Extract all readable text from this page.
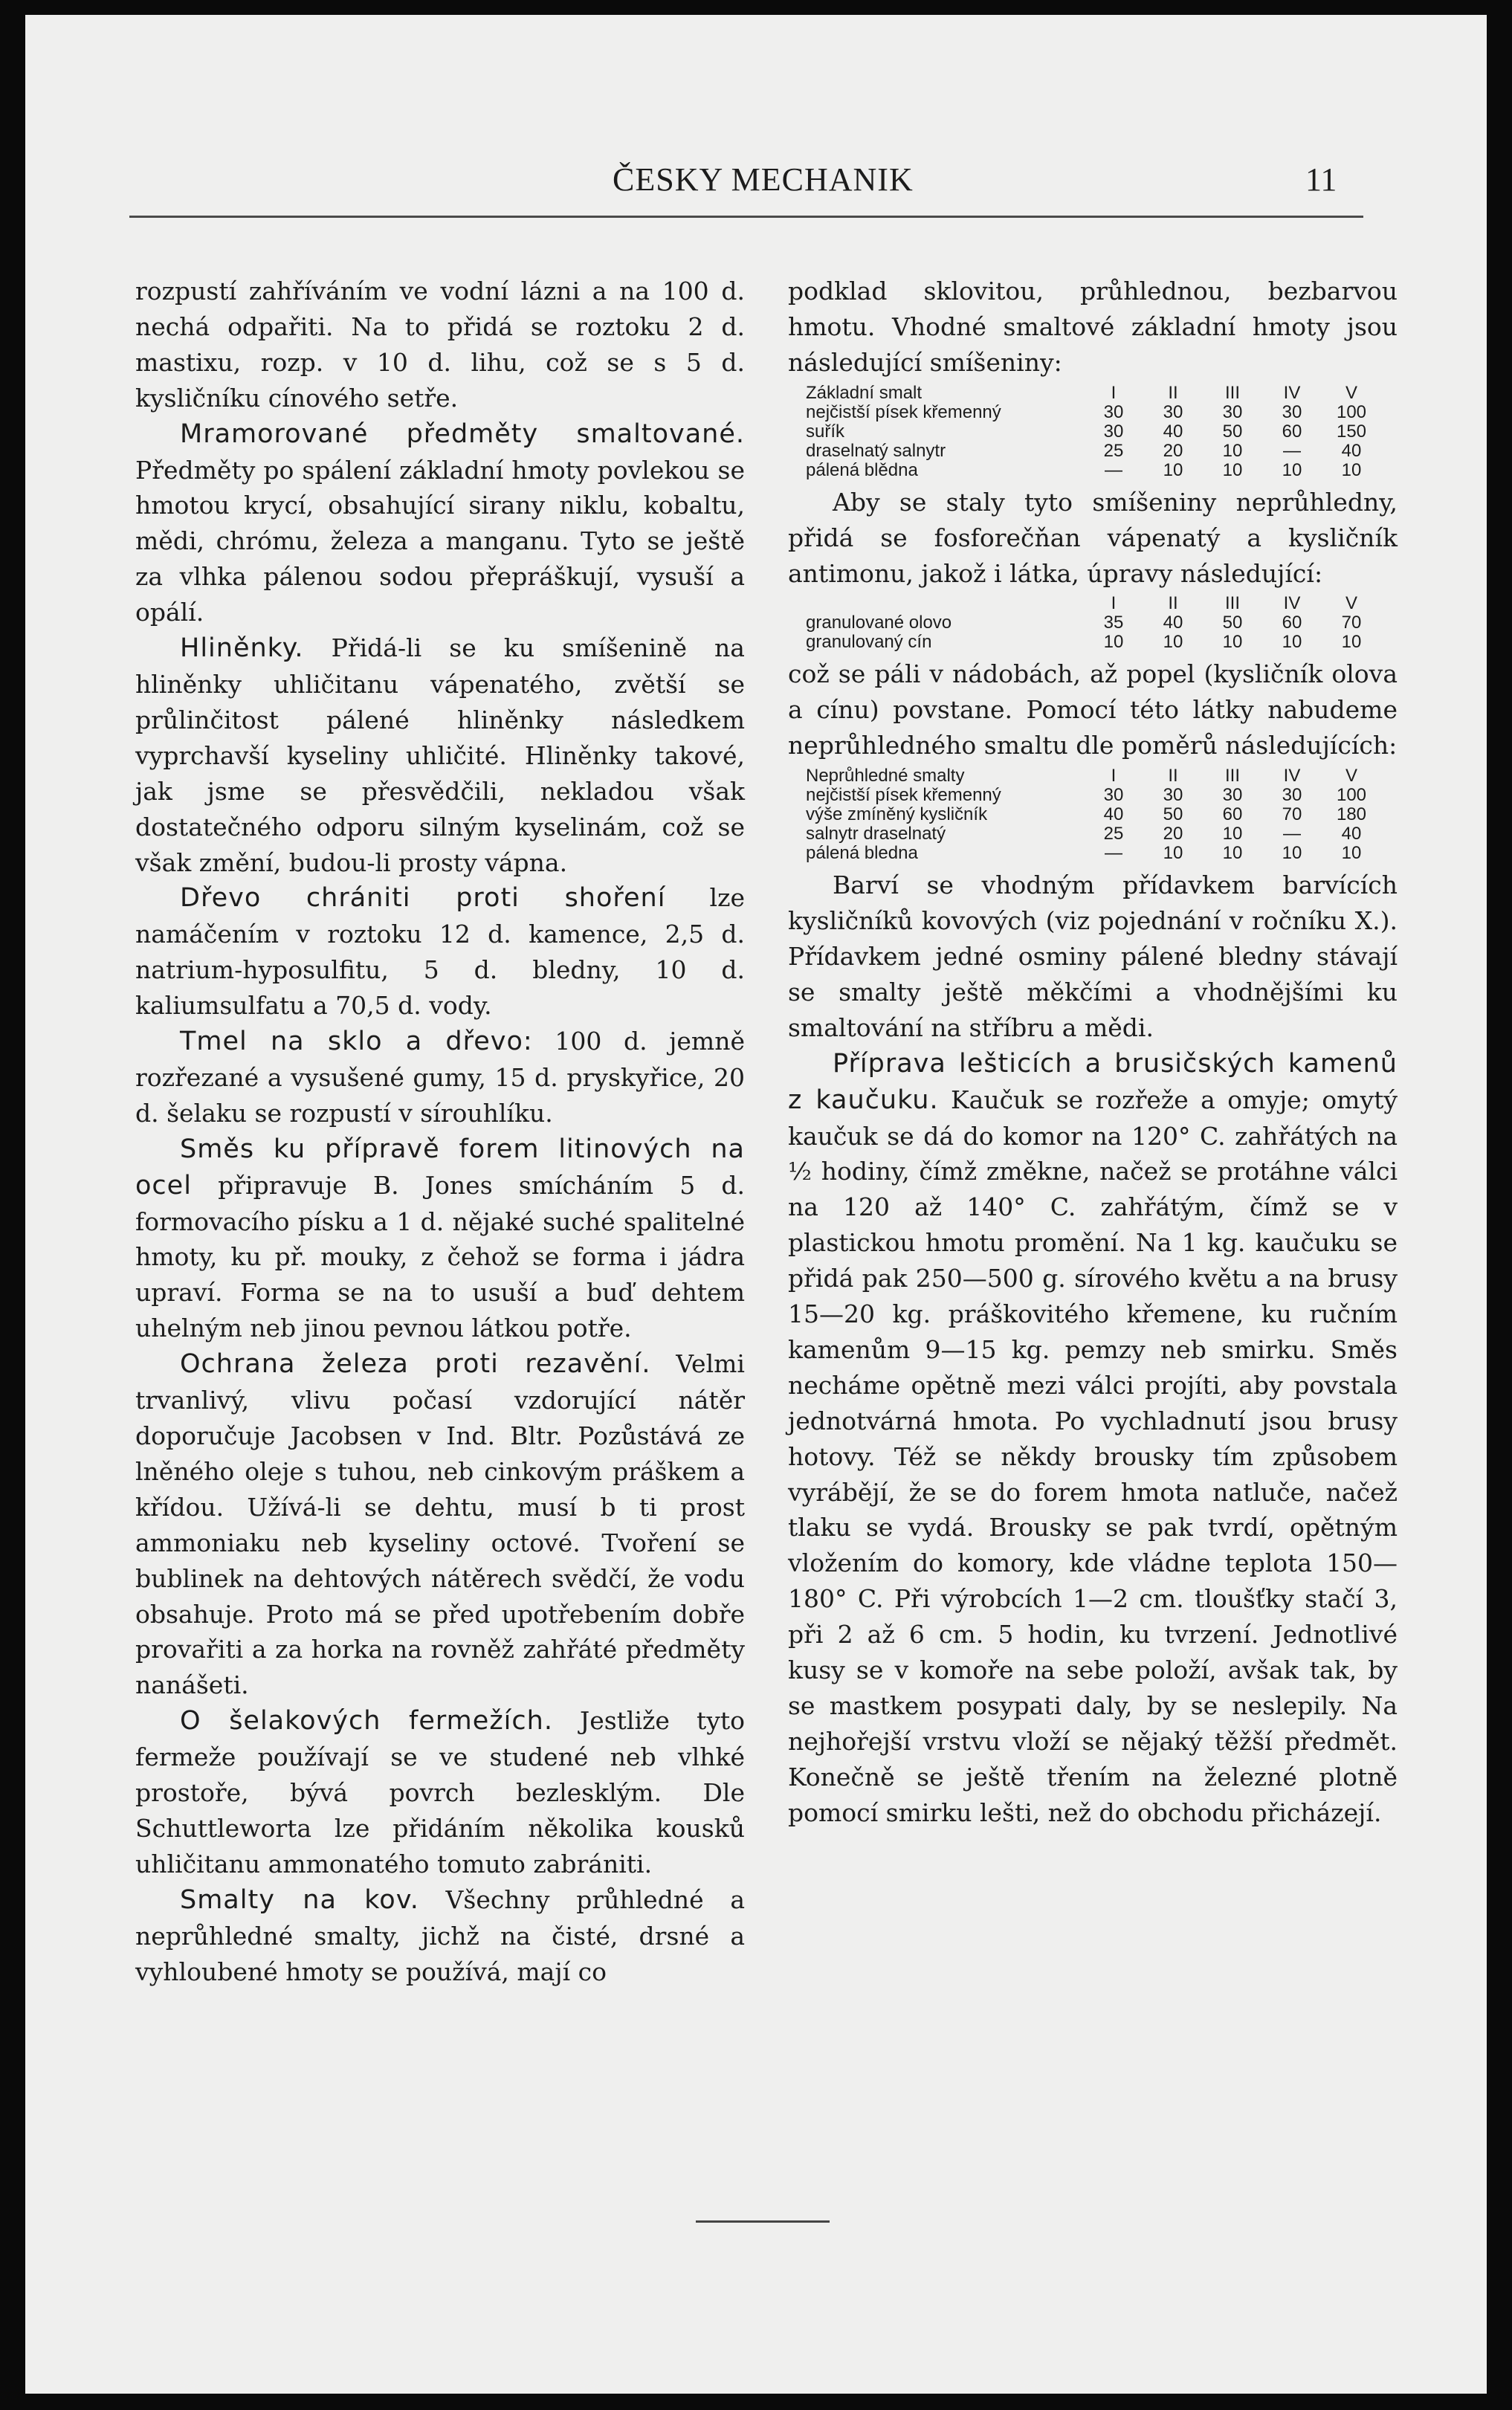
ČESKY MECHANIK	11

rozpustí zahříváním ve vodní lázni a na 100 d. nechá odpařiti. Na to přidá se roztoku 2 d. mastixu, rozp. v 10 d. lihu, což se s 5 d. kysličníku cínového setře.

Mramorované předměty smaltované. Předměty po spálení základní hmoty povlekou se hmotou krycí, obsahující sirany niklu, kobaltu, mědi, chrómu, železa a manganu. Tyto se ještě za vlhka pálenou sodou přepráškují, vysuší a opálí.

Hliněnky. Přidá-li se ku smíšenině na hliněnky uhličitanu vápenatého, zvětší se průlinčitost pálené hliněnky následkem vyprchavší kyseliny uhličité. Hliněnky takové, jak jsme se přesvědčili, nekladou však dostatečného odporu silným kyselinám, což se však změní, budou-li prosty vápna.

Dřevo chrániti proti shoření lze namáčením v roztoku 12 d. kamence, 2,5 d. natrium-hyposulfitu, 5 d. bledny, 10 d. kaliumsulfatu a 70,5 d. vody.

Tmel na sklo a dřevo: 100 d. jemně rozřezané a vysušené gumy, 15 d. pryskyřice, 20 d. šelaku se rozpustí v sírouhlíku.

Směs ku přípravě forem litinových na ocel připravuje B. Jones smícháním 5 d. formovacího písku a 1 d. nějaké suché spalitelné hmoty, ku př. mouky, z čehož se forma i jádra upraví. Forma se na to usuší a buď dehtem uhelným neb jinou pevnou látkou potře.

Ochrana železa proti rezavění. Velmi trvanlivý, vlivu počasí vzdorující nátěr doporučuje Jacobsen v Ind. Bltr. Pozůstává ze lněného oleje s tuhou, neb cinkovým práškem a křídou. Užívá-li se dehtu, musí b ti prost ammoniaku neb kyseliny octové. Tvoření se bublinek na dehtových nátěrech svědčí, že vodu obsahuje. Proto má se před upotřebením dobře provařiti a za horka na rovněž zahřáté předměty nanášeti.

O šelakových fermežích. Jestliže tyto fermeže používají se ve studené neb vlhké prostoře, bývá povrch bezlesklým. Dle Schuttleworta lze přidáním několika kousků uhličitanu ammonatého tomuto zabrániti.

Smalty na kov. Všechny průhledné a neprůhledné smalty, jichž na čisté, drsné a vyhloubené hmoty se používá, mají co

podklad sklovitou, průhlednou, bezbarvou hmotu. Vhodné smaltové základní hmoty jsou následující smíšeniny:

Základní smalt	I	II	III	IV	V
nejčistší písek křemenný	30	30	30	30	100
suřík	30	40	50	60	150
draselnatý salnytr	25	20	10	—	40
pálená blědna	—	10	10	10	10

Aby se staly tyto smíšeniny neprůhledny, přidá se fosforečňan vápenatý a kysličník antimonu, jakož i látka, úpravy následující:

	I	II	III	IV	V
granulované olovo	35	40	50	60	70
granulovaný cín	10	10	10	10	10

což se páli v nádobách, až popel (kysličník olova a cínu) povstane. Pomocí této látky nabudeme neprůhledného smaltu dle poměrů následujících:

Neprůhledné smalty	I	II	III	IV	V
nejčistší písek křemenný	30	30	30	30	100
výše zmíněný kysličník	40	50	60	70	180
salnytr draselnatý	25	20	10	—	40
pálená bledna	—	10	10	10	10

Barví se vhodným přídavkem barvících kysličníků kovových (viz pojednání v ročníku X.). Přídavkem jedné osminy pálené bledny stávají se smalty ještě měkčími a vhodnějšími ku smaltování na stříbru a mědi.

Příprava lešticích a brusičských kamenů z kaučuku. Kaučuk se rozřeže a omyje; omytý kaučuk se dá do komor na 120° C. zahřátých na ½ hodiny, čímž změkne, načež se protáhne válci na 120 až 140° C. zahřátým, čímž se v plastickou hmotu promění. Na 1 kg. kaučuku se přidá pak 250—500 g. sírového květu a na brusy 15—20 kg. práškovitého křemene, ku ručním kamenům 9—15 kg. pemzy neb smirku. Směs necháme opětně mezi válci projíti, aby povstala jednotvárná hmota. Po vychladnutí jsou brusy hotovy. Též se někdy brousky tím způsobem vyrábějí, že se do forem hmota natluče, načež tlaku se vydá. Brousky se pak tvrdí, opětným vložením do komory, kde vládne teplota 150—180° C. Při výrobcích 1—2 cm. tloušťky stačí 3, při 2 až 6 cm. 5 hodin, ku tvrzení. Jednotlivé kusy se v komoře na sebe položí, avšak tak, by se mastkem posypati daly, by se neslepily. Na nejhořejší vrstvu vloží se nějaký těžší předmět. Konečně se ještě třením na železné plotně pomocí smirku lešti, než do obchodu přicházejí.
